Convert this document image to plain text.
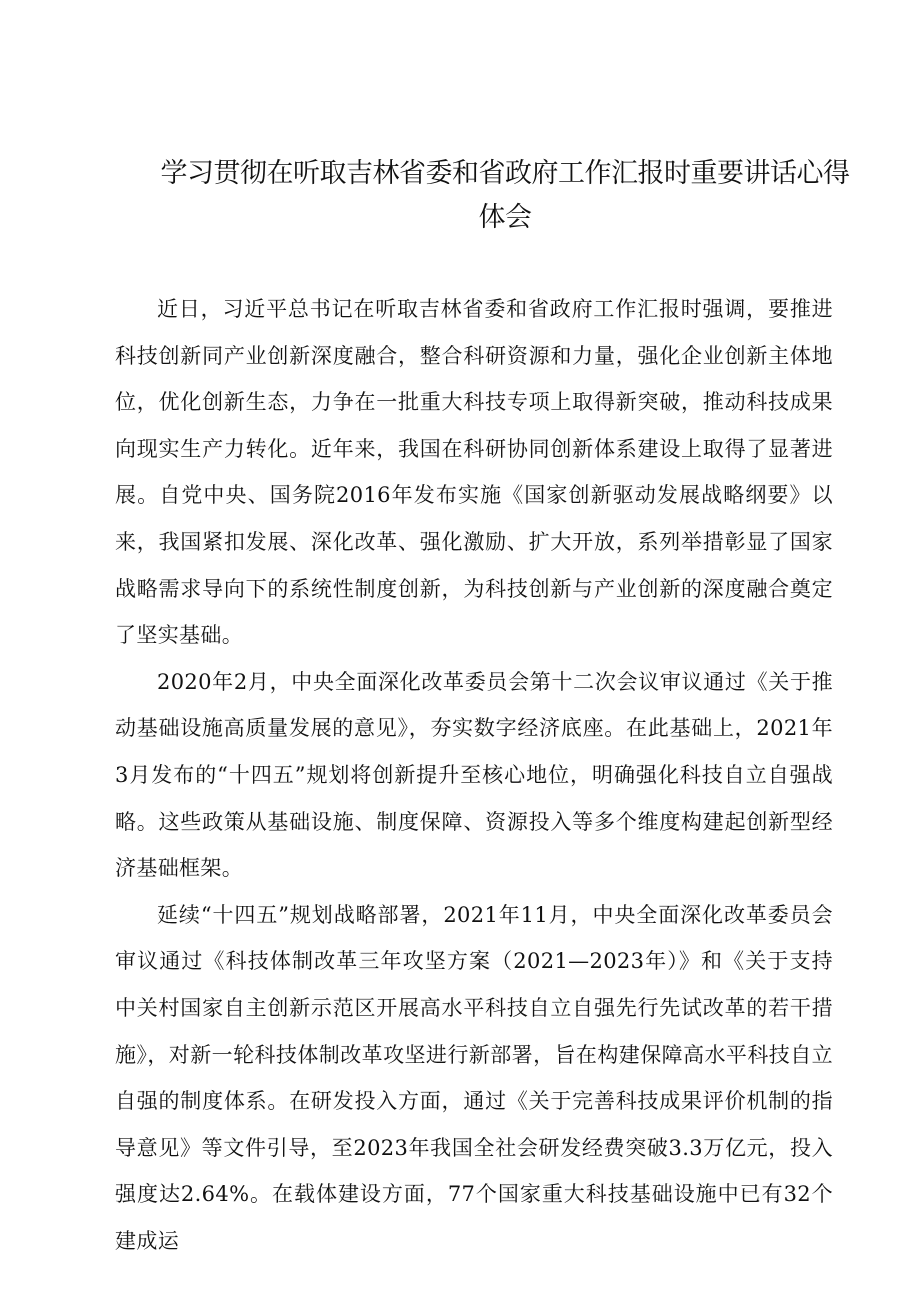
学习贯彻在听取吉林省委和省政府工作汇报时重要讲话心得体会

近日，习近平总书记在听取吉林省委和省政府工作汇报时强调，要推进科技创新同产业创新深度融合，整合科研资源和力量，强化企业创新主体地位，优化创新生态，力争在一批重大科技专项上取得新突破，推动科技成果向现实生产力转化。近年来，我国在科研协同创新体系建设上取得了显著进展。自党中央、国务院2016年发布实施《国家创新驱动发展战略纲要》以来，我国紧扣发展、深化改革、强化激励、扩大开放，系列举措彰显了国家战略需求导向下的系统性制度创新，为科技创新与产业创新的深度融合奠定了坚实基础。

2020年2月，中央全面深化改革委员会第十二次会议审议通过《关于推动基础设施高质量发展的意见》，夯实数字经济底座。在此基础上，2021年3月发布的“十四五”规划将创新提升至核心地位，明确强化科技自立自强战略。这些政策从基础设施、制度保障、资源投入等多个维度构建起创新型经济基础框架。

延续“十四五”规划战略部署，2021年11月，中央全面深化改革委员会审议通过《科技体制改革三年攻坚方案（2021—2023年）》和《关于支持中关村国家自主创新示范区开展高水平科技自立自强先行先试改革的若干措施》，对新一轮科技体制改革攻坚进行新部署，旨在构建保障高水平科技自立自强的制度体系。在研发投入方面，通过《关于完善科技成果评价机制的指导意见》等文件引导，至2023年我国全社会研发经费突破3.3万亿元，投入强度达2.64%。在载体建设方面，77个国家重大科技基础设施中已有32个建成运
